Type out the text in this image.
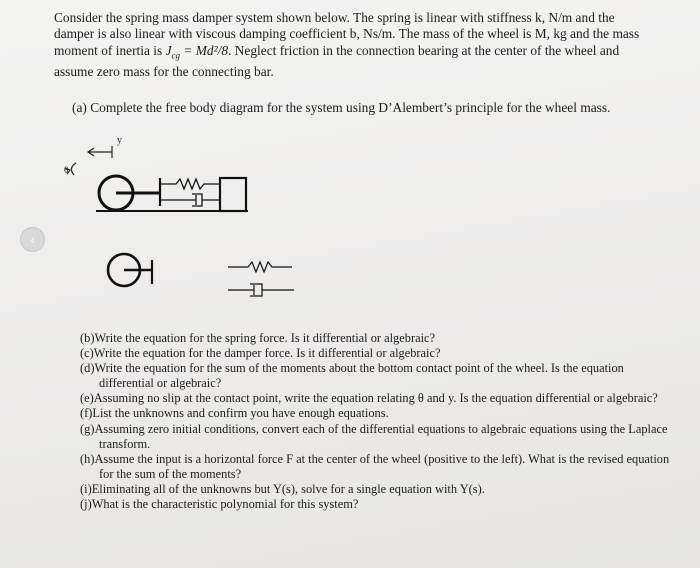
Consider the spring mass damper system shown below. The spring is linear with stiffness k, N/m and the
damper is also linear with viscous damping coefficient b, Ns/m. The mass of the wheel is M, kg and the mass
moment of inertia is $J_{cg} = Md^2/8$. Neglect friction in the connection bearing at the center of the wheel and
assume zero mass for the connecting bar.

(a) Complete the free body diagram for the system using D’Alembert’s principle for the wheel mass.

y
θ
‹
(b)Write the equation for the spring force. Is it differential or algebraic?
(c)Write the equation for the damper force. Is it differential or algebraic?
(d)Write the equation for the sum of the moments about the bottom contact point of the wheel. Is the equation differential or algebraic?
(e)Assuming no slip at the contact point, write the equation relating θ and y. Is the equation differential or algebraic?
(f)List the unknowns and confirm you have enough equations.
(g)Assuming zero initial conditions, convert each of the differential equations to algebraic equations using the Laplace transform.
(h)Assume the input is a horizontal force F at the center of the wheel (positive to the left). What is the revised equation for the sum of the moments?
(i)Eliminating all of the unknowns but Y(s), solve for a single equation with Y(s).
(j)What is the characteristic polynomial for this system?
